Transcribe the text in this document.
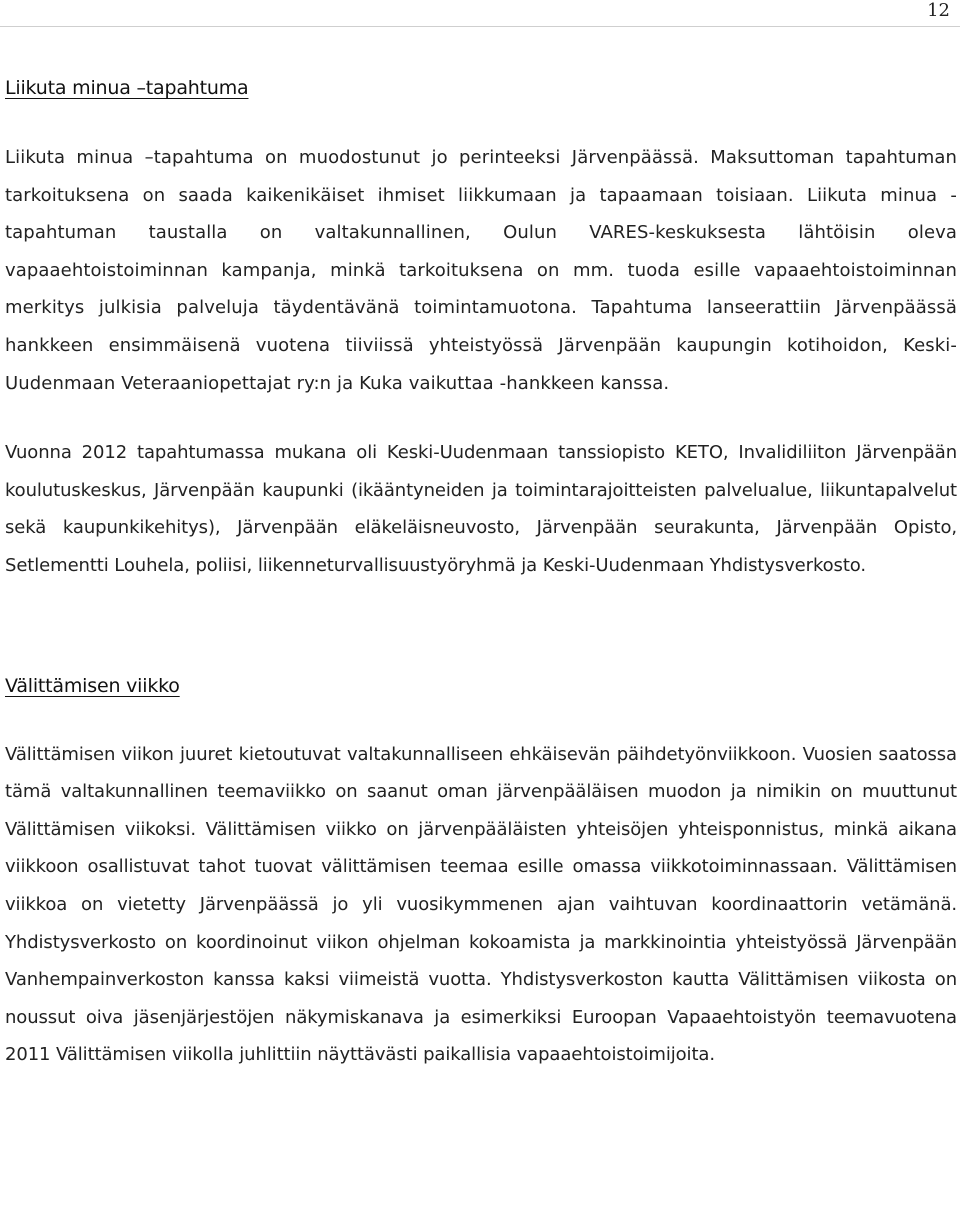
12
Liikuta minua –tapahtuma

Liikuta minua –tapahtuma on muodostunut jo perinteeksi Järvenpäässä. Maksuttoman tapahtuman tarkoituksena on saada kaikenikäiset ihmiset liikkumaan ja tapaamaan toisiaan. Liikuta minua -tapahtuman taustalla on valtakunnallinen, Oulun VARES-keskuksesta lähtöisin oleva vapaaehtoistoiminnan kampanja, minkä tarkoituksena on mm. tuoda esille vapaaehtoistoiminnan merkitys julkisia palveluja täydentävänä toimintamuotona. Tapahtuma lanseerattiin Järvenpäässä hankkeen ensimmäisenä vuotena tiiviissä yhteistyössä Järvenpään kaupungin kotihoidon, Keski-Uudenmaan Veteraaniopettajat ry:n ja Kuka vaikuttaa -hankkeen kanssa.

Vuonna 2012 tapahtumassa mukana oli Keski-Uudenmaan tanssiopisto KETO, Invalidiliiton Järvenpään koulutuskeskus, Järvenpään kaupunki (ikääntyneiden ja toimintarajoitteisten palvelualue, liikuntapalvelut sekä kaupunkikehitys), Järvenpään eläkeläisneuvosto, Järvenpään seurakunta, Järvenpään Opisto, Setlementti Louhela, poliisi, liikenneturvallisuustyöryhmä ja Keski-Uudenmaan Yhdistysverkosto.

Välittämisen viikko

Välittämisen viikon juuret kietoutuvat valtakunnalliseen ehkäisevän päihdetyönviikkoon. Vuosien saatossa tämä valtakunnallinen teemaviikko on saanut oman järvenpääläisen muodon ja nimikin on muuttunut Välittämisen viikoksi. Välittämisen viikko on järvenpääläisten yhteisöjen yhteisponnistus, minkä aikana viikkoon osallistuvat tahot tuovat välittämisen teemaa esille omassa viikkotoiminnassaan. Välittämisen viikkoa on vietetty Järvenpäässä jo yli vuosikymmenen ajan vaihtuvan koordinaattorin vetämänä. Yhdistysverkosto on koordinoinut viikon ohjelman kokoamista ja markkinointia yhteistyössä Järvenpään Vanhempainverkoston kanssa kaksi viimeistä vuotta. Yhdistysverkoston kautta Välittämisen viikosta on noussut oiva jäsenjärjestöjen näkymiskanava ja esimerkiksi Euroopan Vapaaehtoistyön teemavuotena 2011 Välittämisen viikolla juhlittiin näyttävästi paikallisia vapaaehtoistoimijoita.
